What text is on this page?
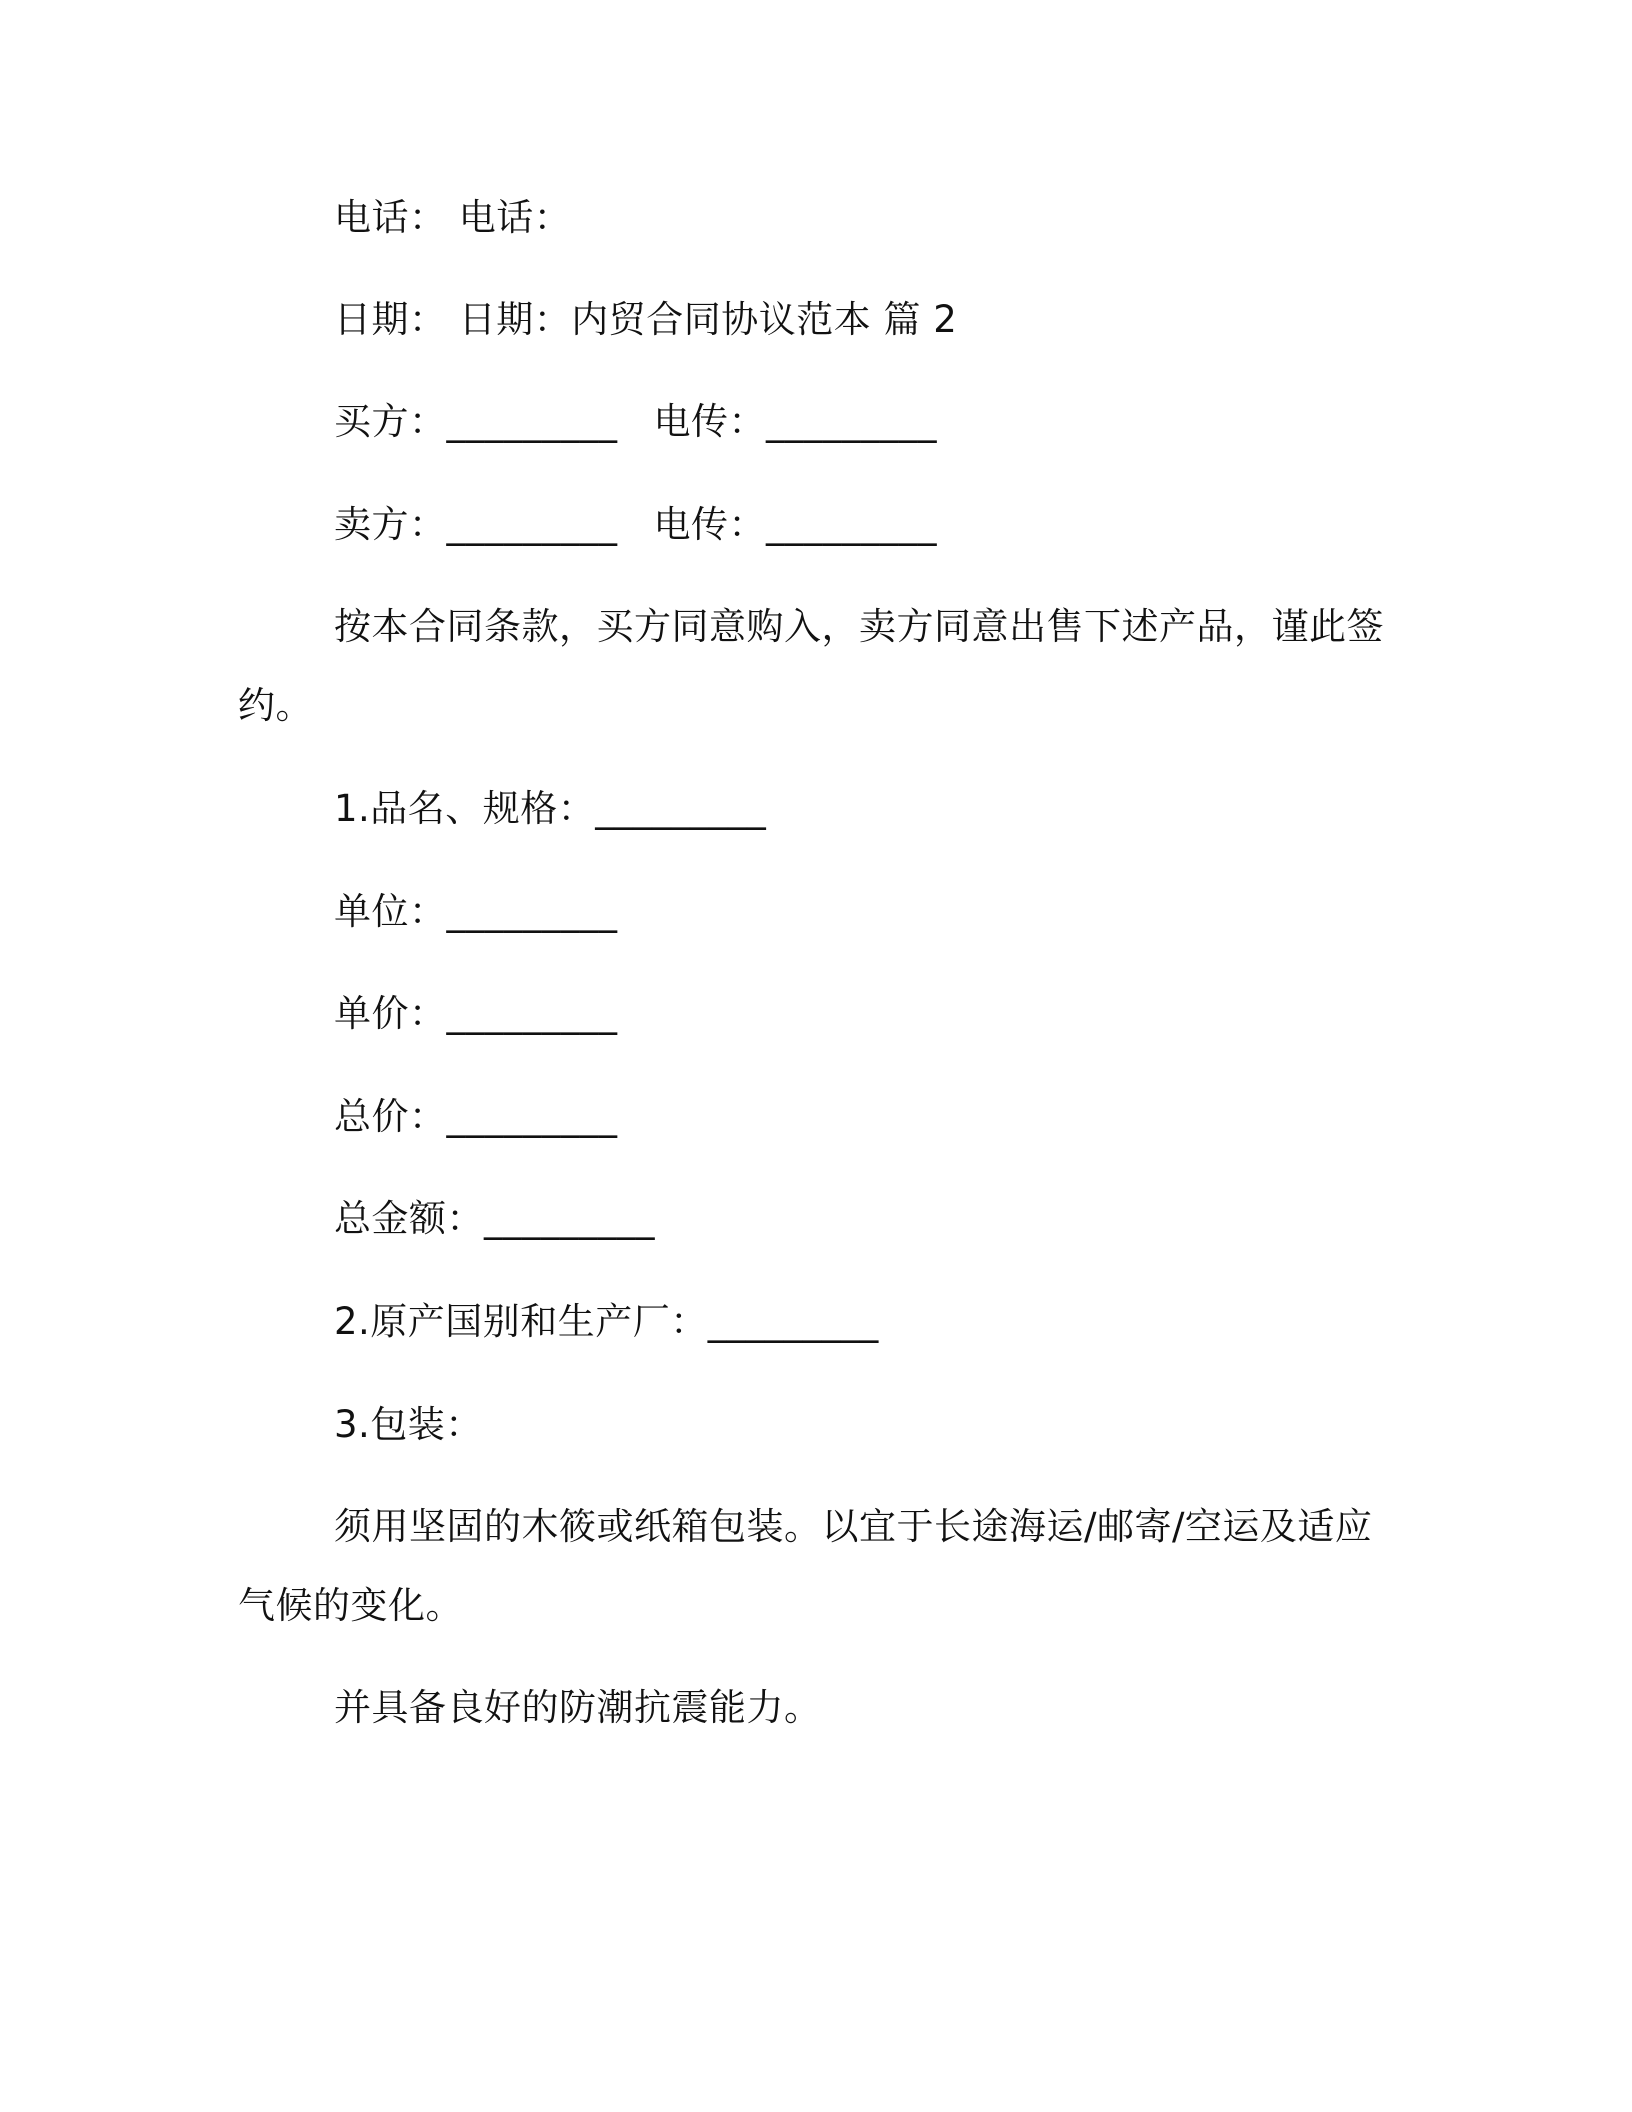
电话： 电话：
日期： 日期：内贸合同协议范本 篇 2
买方：_________ 电传：_________
卖方：_________ 电传：_________
按本合同条款，买方同意购入，卖方同意出售下述产品，谨此签
约。
1.品名、规格：_________
单位：_________
单价：_________
总价：_________
总金额：_________
2.原产国别和生产厂：_________
3.包装：
须用坚固的木筱或纸箱包装。以宜于长途海运/邮寄/空运及适应
气候的变化。
并具备良好的防潮抗震能力。
